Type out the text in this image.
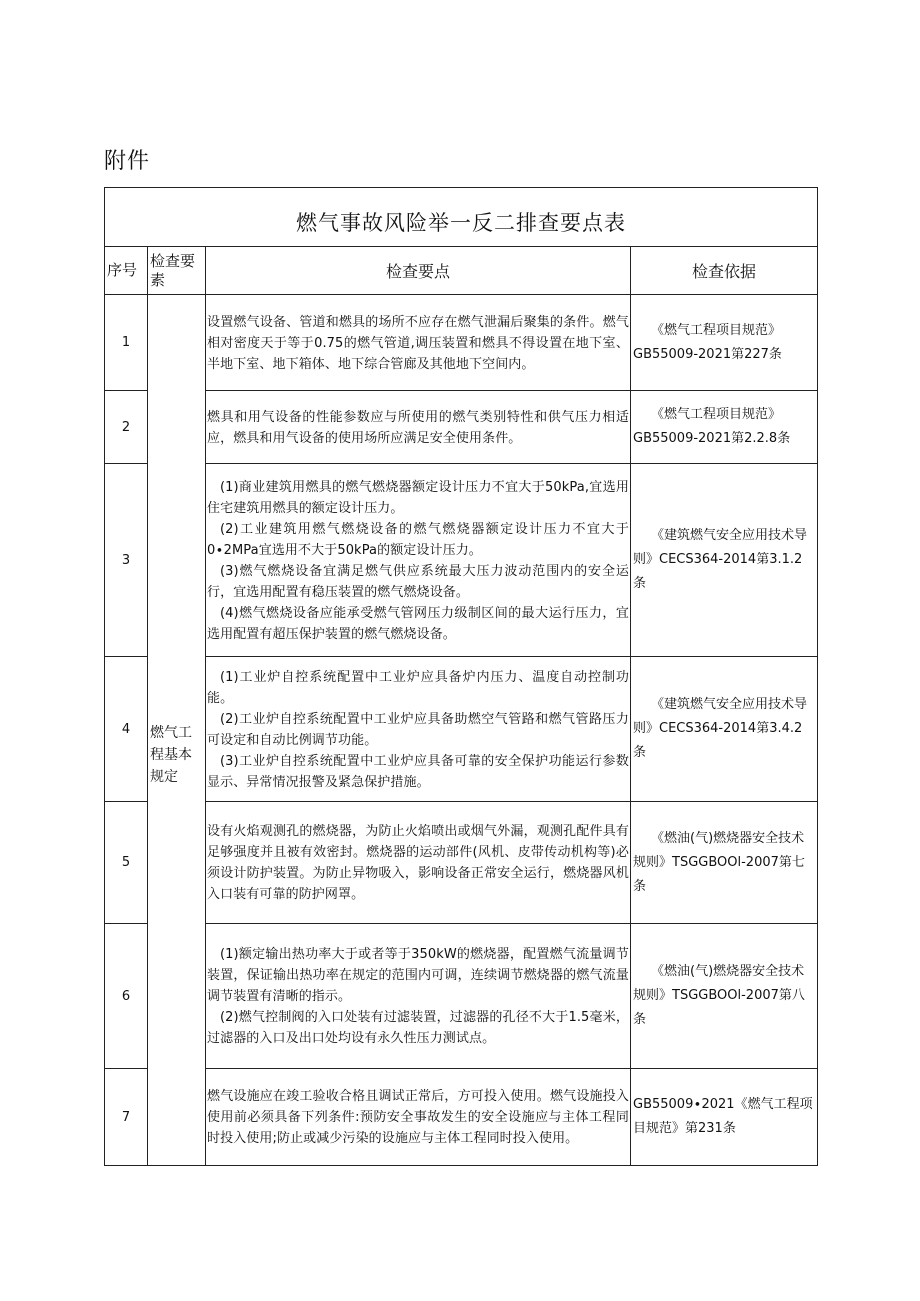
附件
燃气事故风险举一反二排查要点表			
序号	检查要素	检查要点	检查依据
1	燃气工程基本规定	设置燃气设备、管道和燃具的场所不应存在燃气泄漏后聚集的条件。燃气相对密度天于等于0.75的燃气管道,调压装置和燃具不得设置在地下室、半地下室、地下箱体、地下综合管廊及其他地下空间内。	《燃气工程项目规范》GB55009-2021第227条

2		燃具和用气设备的性能参数应与所使用的燃气类别特性和供气压力相适应，燃具和用气设备的使用场所应满足安全使用条件。	《燃气工程项目规范》GB55009-2021第2.2.8条

3		(1)商业建筑用燃具的燃气燃烧器额定设计压力不宜大于50kPa,宜选用住宅建筑用燃具的额定设计压力。

(2)工业建筑用燃气燃烧设备的燃气燃烧器额定设计压力不宜大于0∙2MPa宜选用不大于50kPa的额定设计压力。

(3)燃气燃烧设备宜满足燃气供应系统最大压力波动范围内的安全运行，宜选用配置有稳压装置的燃气燃烧设备。

(4)燃气燃烧设备应能承受燃气管网压力级制区间的最大运行压力，宜选用配置有超压保护装置的燃气燃烧设备。	《建筑燃气安全应用技术导则》CECS364-2014第3.1.2条

4		(1)工业炉自控系统配置中工业炉应具备炉内压力、温度自动控制功能。

(2)工业炉自控系统配置中工业炉应具备助燃空气管路和燃气管路压力可设定和自动比例调节功能。

(3)工业炉自控系统配置中工业炉应具备可靠的安全保护功能运行参数显示、异常情况报警及紧急保护措施。	《建筑燃气安全应用技术导则》CECS364-2014第3.4.2条

5		设有火焰观测孔的燃烧器，为防止火焰喷出或烟气外漏，观测孔配件具有足够强度并且被有效密封。燃烧器的运动部件(风机、皮带传动机构等)必须设计防护装置。为防止异物吸入，影响设备正常安全运行，燃烧器风机入口装有可靠的防护网罩。	《燃油(气)燃烧器安全技术规则》TSGGBOOl-2007第七条

6		(1)额定输出热功率大于或者等于350kW的燃烧器，配置燃气流量调节装置，保证输出热功率在规定的范围内可调，连续调节燃烧器的燃气流量调节装置有清晰的指示。

(2)燃气控制阀的入口处装有过滤装置，过滤器的孔径不大于1.5毫米，过滤器的入口及出口处均设有永久性压力测试点。	《燃油(气)燃烧器安全技术规则》TSGGBOOl-2007第八条

7		燃气设施应在竣工验收合格且调试正常后，方可投入使用。燃气设施投入使用前必须具备下列条件:预防安全事故发生的安全设施应与主体工程同时投入使用;防止或减少污染的设施应与主体工程同时投入使用。	GB55009∙2021《燃气工程项目规范》第231条
